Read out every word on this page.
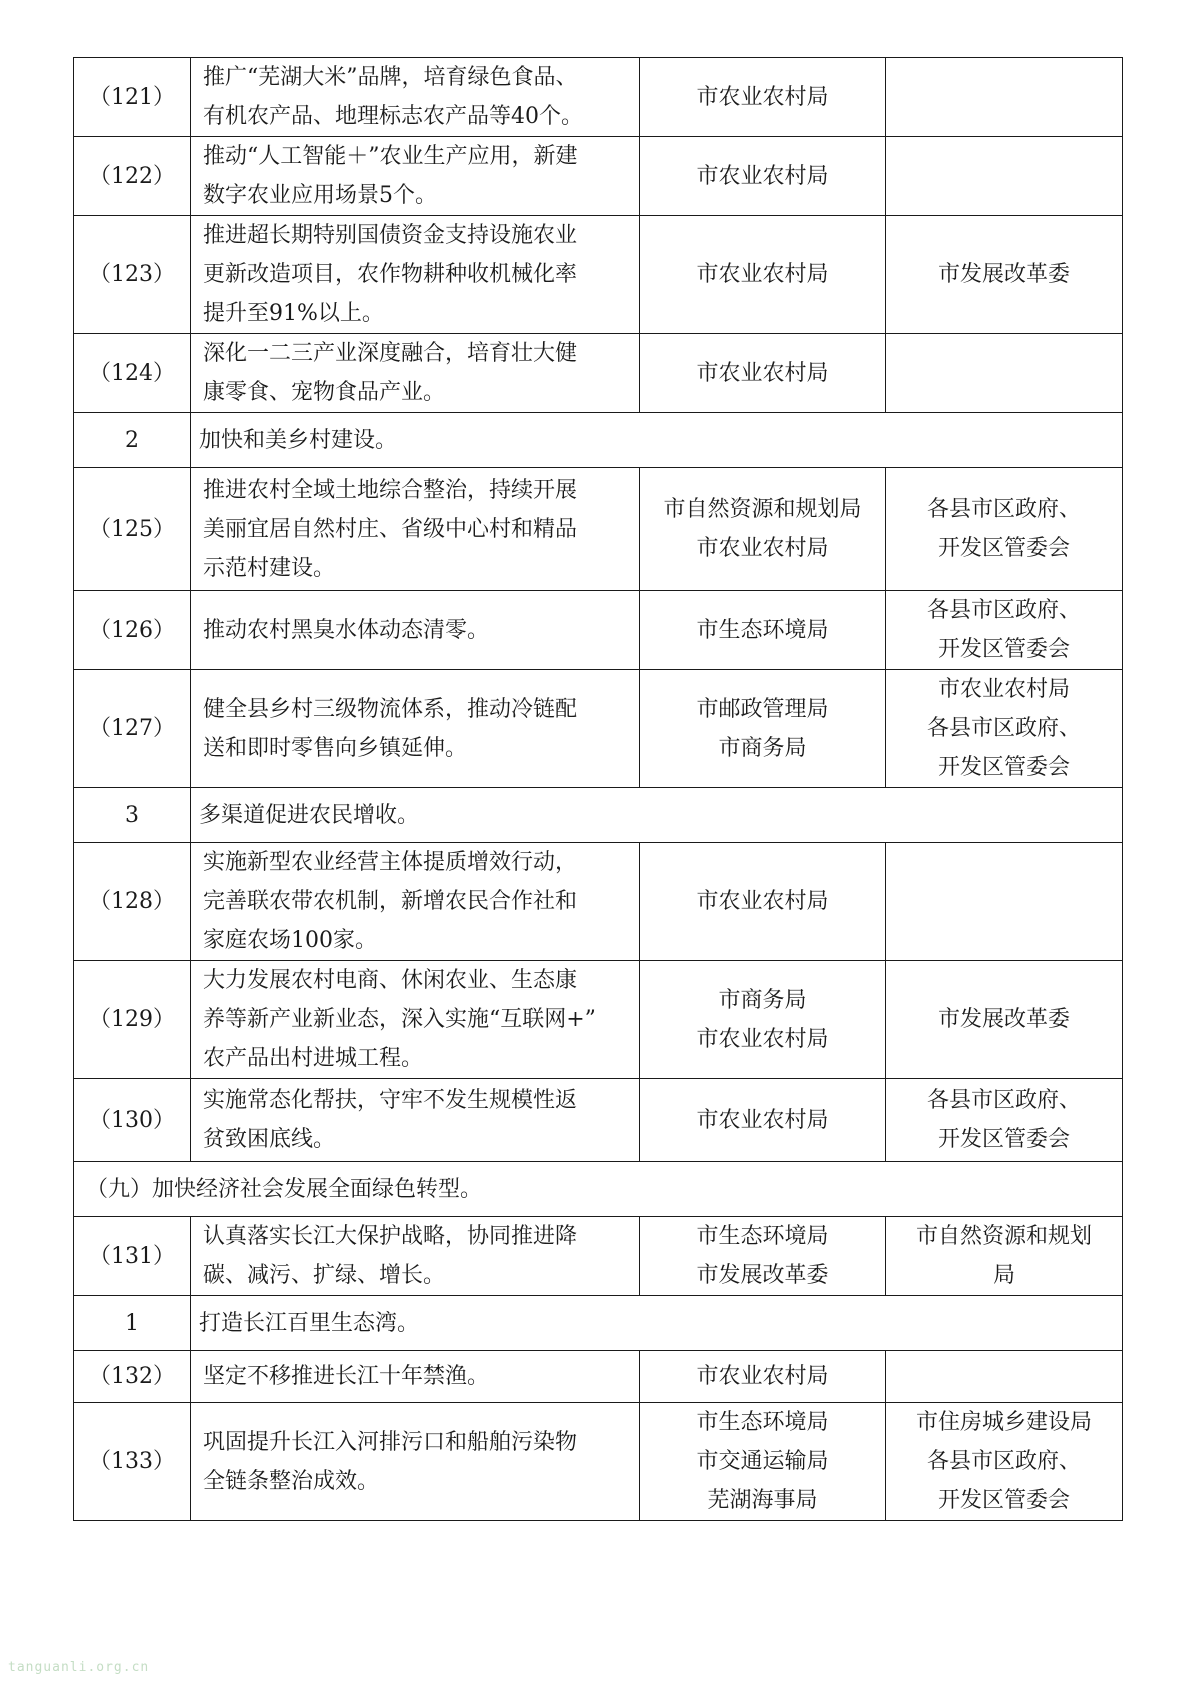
（121）	推广“芜湖大米”品牌，培育绿色食品、
有机农产品、地理标志农产品等40个。	市农业农村局	

（122）	推动“人工智能＋”农业生产应用，新建
数字农业应用场景5个。	市农业农村局	

（123）	推进超长期特别国债资金支持设施农业
更新改造项目，农作物耕种收机械化率
提升至91%以上。	市农业农村局	市发展改革委

（124）	深化一二三产业深度融合，培育壮大健
康零食、宠物食品产业。	市农业农村局	

2	加快和美乡村建设。		
（125）	推进农村全域土地综合整治，持续开展
美丽宜居自然村庄、省级中心村和精品
示范村建设。	市自然资源和规划局
市农业农村局	各县市区政府、
开发区管委会

（126）	推动农村黑臭水体动态清零。	市生态环境局	各县市区政府、
开发区管委会

（127）	健全县乡村三级物流体系，推动冷链配
送和即时零售向乡镇延伸。	市邮政管理局
市商务局	市农业农村局
各县市区政府、
开发区管委会

3	多渠道促进农民增收。		
（128）	实施新型农业经营主体提质增效行动，
完善联农带农机制，新增农民合作社和
家庭农场100家。	市农业农村局	

（129）	大力发展农村电商、休闲农业、生态康
养等新产业新业态，深入实施“互联网+”
农产品出村进城工程。	市商务局
市农业农村局	市发展改革委

（130）	实施常态化帮扶，守牢不发生规模性返
贫致困底线。	市农业农村局	各县市区政府、
开发区管委会

（九）加快经济社会发展全面绿色转型。			
（131）	认真落实长江大保护战略，协同推进降
碳、减污、扩绿、增长。	市生态环境局
市发展改革委	市自然资源和规划
局

1	打造长江百里生态湾。		
（132）	坚定不移推进长江十年禁渔。	市农业农村局	

（133）	巩固提升长江入河排污口和船舶污染物
全链条整治成效。	市生态环境局
市交通运输局
芜湖海事局	市住房城乡建设局
各县市区政府、
开发区管委会
tanguanli.org.cn
